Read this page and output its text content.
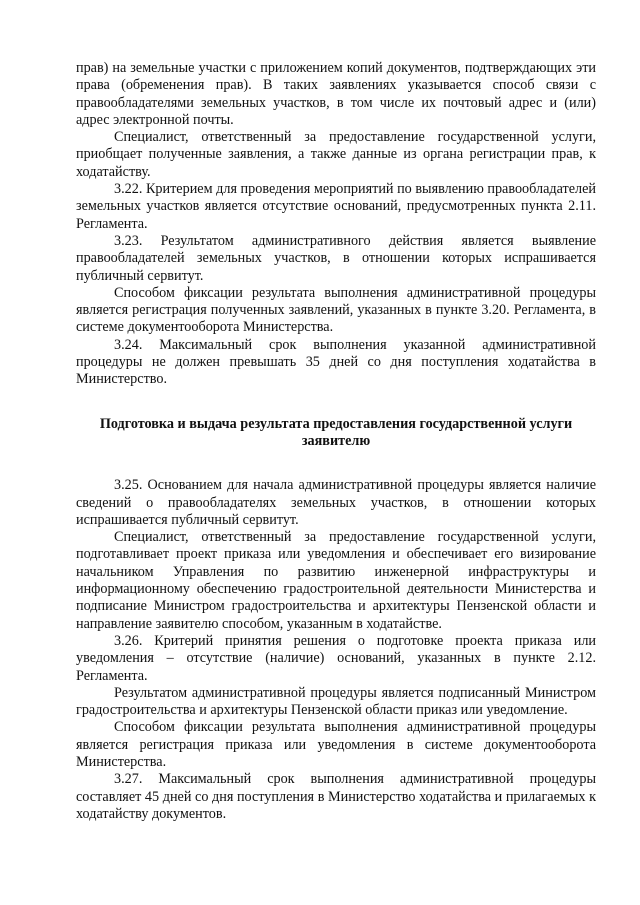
прав) на земельные участки с приложением копий документов, подтверждающих эти права (обременения прав). В таких заявлениях указывается способ связи с правообладателями земельных участков, в том числе их почтовый адрес и (или) адрес электронной почты.

Специалист, ответственный за предоставление государственной услуги, приобщает полученные заявления, а также данные из органа регистрации прав, к ходатайству.

3.22. Критерием для проведения мероприятий по выявлению правообладателей земельных участков является отсутствие оснований, предусмотренных пункта 2.11. Регламента.

3.23. Результатом административного действия является выявление правообладателей земельных участков, в отношении которых испрашивается публичный сервитут.

Способом фиксации результата выполнения административной процедуры является регистрация полученных заявлений, указанных в пункте 3.20. Регламента, в системе документооборота Министерства.

3.24. Максимальный срок выполнения указанной административной процедуры не должен превышать 35 дней со дня поступления ходатайства в Министерство.

Подготовка и выдача результата предоставления государственной услуги заявителю

3.25. Основанием для начала административной процедуры является наличие сведений о правообладателях земельных участков, в отношении которых испрашивается публичный сервитут.

Специалист, ответственный за предоставление государственной услуги, подготавливает проект приказа или уведомления и обеспечивает его визирование начальником Управления по развитию инженерной инфраструктуры и информационному обеспечению градостроительной деятельности Министерства и подписание Министром градостроительства и архитектуры Пензенской области и направление заявителю способом, указанным в ходатайстве.

3.26. Критерий принятия решения о подготовке проекта приказа или уведомления – отсутствие (наличие) оснований, указанных в пункте 2.12. Регламента.

Результатом административной процедуры является подписанный Министром градостроительства и архитектуры Пензенской области приказ или уведомление.

Способом фиксации результата выполнения административной процедуры является регистрация приказа или уведомления в системе документооборота Министерства.

3.27. Максимальный срок выполнения административной процедуры составляет 45 дней со дня поступления в Министерство ходатайства и прилагаемых к ходатайству документов.
